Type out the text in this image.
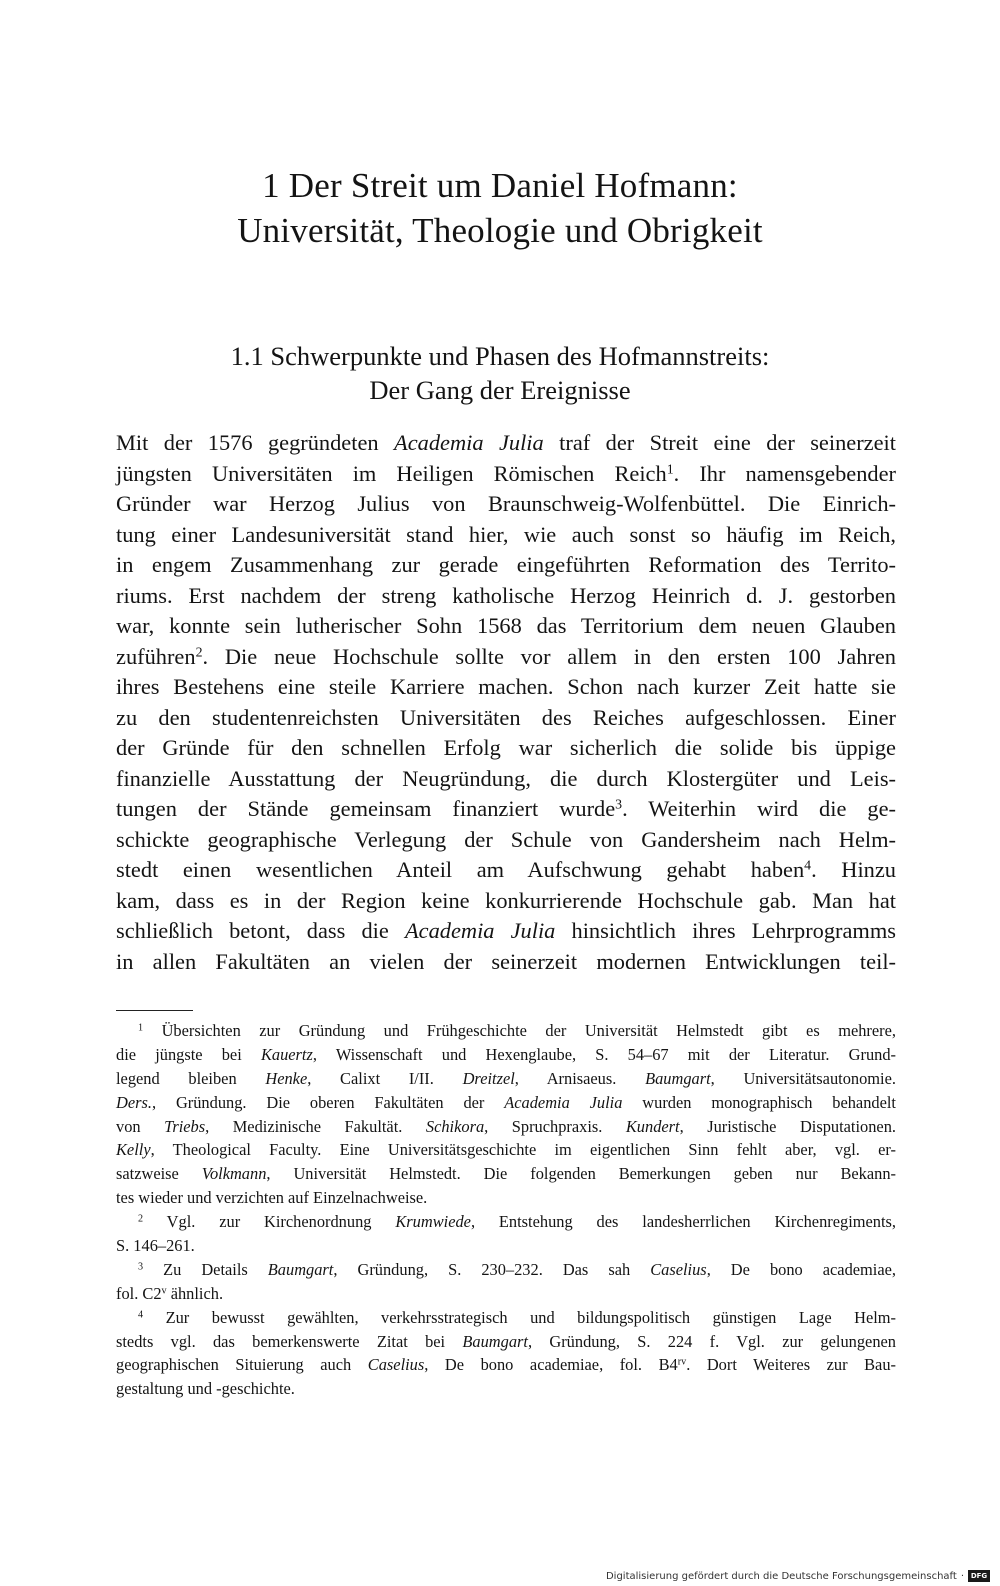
1 Der Streit um Daniel Hofmann:
Universität, Theologie und Obrigkeit
1.1 Schwerpunkte und Phasen des Hofmannstreits:
Der Gang der Ereignisse
Mit der 1576 gegründeten Academia Julia traf der Streit eine der seinerzeit
jüngsten Universitäten im Heiligen Römischen Reich$^1$. Ihr namensgebender
Gründer war Herzog Julius von Braunschweig-Wolfenbüttel. Die Einrich-
tung einer Landesuniversität stand hier, wie auch sonst so häufig im Reich,
in engem Zusammenhang zur gerade eingeführten Reformation des Territo-
riums. Erst nachdem der streng katholische Herzog Heinrich d. J. gestorben
war, konnte sein lutherischer Sohn 1568 das Territorium dem neuen Glauben
zuführen$^2$. Die neue Hochschule sollte vor allem in den ersten 100 Jahren
ihres Bestehens eine steile Karriere machen. Schon nach kurzer Zeit hatte sie
zu den studentenreichsten Universitäten des Reiches aufgeschlossen. Einer
der Gründe für den schnellen Erfolg war sicherlich die solide bis üppige
finanzielle Ausstattung der Neugründung, die durch Klostergüter und Leis-
tungen der Stände gemeinsam finanziert wurde$^3$. Weiterhin wird die ge-
schickte geographische Verlegung der Schule von Gandersheim nach Helm-
stedt einen wesentlichen Anteil am Aufschwung gehabt haben$^4$. Hinzu
kam, dass es in der Region keine konkurrierende Hochschule gab. Man hat
schließlich betont, dass die Academia Julia hinsichtlich ihres Lehrprogramms
in allen Fakultäten an vielen der seinerzeit modernen Entwicklungen teil-
$^1$ Übersichten zur Gründung und Frühgeschichte der Universität Helmstedt gibt es mehrere,
die jüngste bei Kauertz, Wissenschaft und Hexenglaube, S. 54–67 mit der Literatur. Grund-
legend bleiben Henke, Calixt I/II. Dreitzel, Arnisaeus. Baumgart, Universitätsautonomie.
Ders., Gründung. Die oberen Fakultäten der Academia Julia wurden monographisch behandelt
von Triebs, Medizinische Fakultät. Schikora, Spruchpraxis. Kundert, Juristische Disputationen.
Kelly, Theological Faculty. Eine Universitätsgeschichte im eigentlichen Sinn fehlt aber, vgl. er-
satzweise Volkmann, Universität Helmstedt. Die folgenden Bemerkungen geben nur Bekann-
tes wieder und verzichten auf Einzelnachweise.
$^2$ Vgl. zur Kirchenordnung Krumwiede, Entstehung des landesherrlichen Kirchenregiments,
S. 146–261.
$^3$ Zu Details Baumgart, Gründung, S. 230–232. Das sah Caselius, De bono academiae,
fol. C2$^v$ ähnlich.
$^4$ Zur bewusst gewählten, verkehrsstrategisch und bildungspolitisch günstigen Lage Helm-
stedts vgl. das bemerkenswerte Zitat bei Baumgart, Gründung, S. 224 f. Vgl. zur gelungenen
geographischen Situierung auch Caselius, De bono academiae, fol. $B4^{rv}$. Dort Weiteres zur Bau-
gestaltung und -geschichte.
Digitalisierung gefördert durch die Deutsche Forschungsgemeinschaft · DFG
